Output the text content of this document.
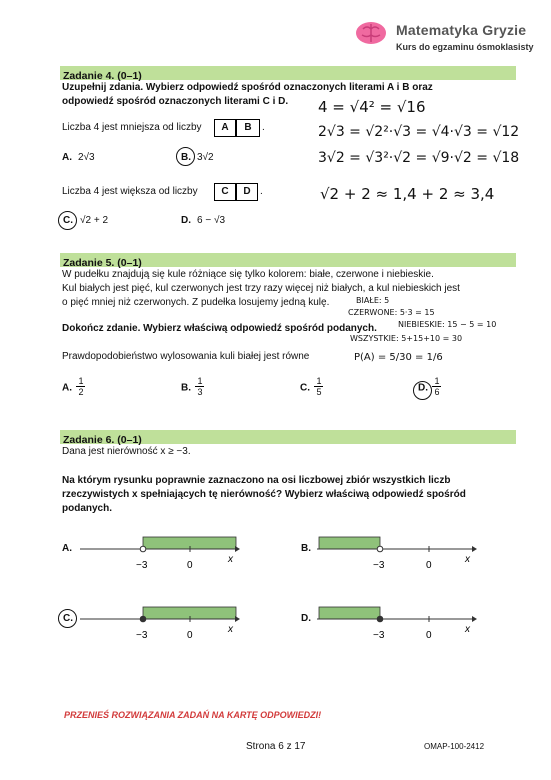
Matematyka Gryzie
Kurs do egzaminu ósmoklasisty
Zadanie 4. (0–1)
Uzupełnij zdania. Wybierz odpowiedź spośród oznaczonych literami A i B oraz
odpowiedź spośród oznaczonych literami C i D.
Liczba 4 jest mniejsza od liczby	A	B	.
A. 2√3	B. 3√2
Liczba 4 jest większa od liczby	C	D .
C. √2 + 2	D. 6 − √3
4 = √4² = √16
2√3 = √2²·√3 = √4·√3 = √12
3√2 = √3²·√2 = √9·√2 = √18
√2 + 2 ≈ 1,4 + 2 ≈ 3,4
Zadanie 5. (0–1)
W pudełku znajdują się kule różniące się tylko kolorem: białe, czerwone i niebieskie.
Kul białych jest pięć, kul czerwonych jest trzy razy więcej niż białych, a kul niebieskich jest
o pięć mniej niż czerwonych. Z pudełka losujemy jedną kulę.
Dokończ zdanie. Wybierz właściwą odpowiedź spośród podanych.
Prawdopodobieństwo wylosowania kuli białej jest równe
BIAŁE: 5
CZERWONE: 5·3 = 15
NIEBIESKIE: 15 − 5 = 10
WSZYSTKIE: 5+15+10 = 30
P(A) = 5/30 = 1/6
A. $\frac{1}{2}$	B. $\frac{1}{3}$	C. $\frac{1}{5}$	D. $\frac{1}{6}$
Zadanie 6. (0–1)
Dana jest nierówność x ≥ −3.
Na którym rysunku poprawnie zaznaczono na osi liczbowej zbiór wszystkich liczb
rzeczywistych x spełniających tę nierówność? Wybierz właściwą odpowiedź spośród
podanych.
A.
−3	0
x
B.
−3	0
x
C.
−3	0
x
D.
−3	0
x
PRZENIEŚ ROZWIĄZANIA ZADAŃ NA KARTĘ ODPOWIEDZI!
Strona 6 z 17	OMAP-100-2412
